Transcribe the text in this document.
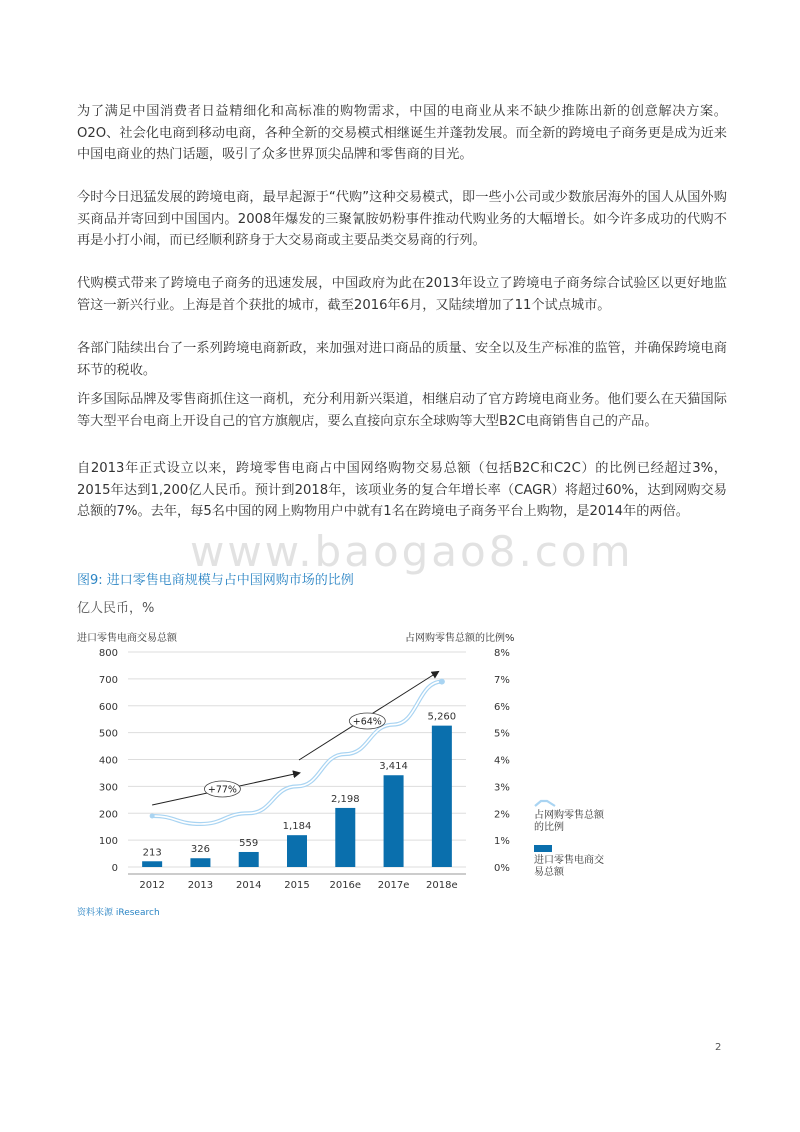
为了满足中国消费者日益精细化和高标准的购物需求，中国的电商业从来不缺少推陈出新的创意解决方案。O2O、社会化电商到移动电商，各种全新的交易模式相继诞生并蓬勃发展。而全新的跨境电子商务更是成为近来中国电商业的热门话题，吸引了众多世界顶尖品牌和零售商的目光。

今时今日迅猛发展的跨境电商，最早起源于“代购”这种交易模式，即一些小公司或少数旅居海外的国人从国外购买商品并寄回到中国国内。2008年爆发的三聚氰胺奶粉事件推动代购业务的大幅增长。如今许多成功的代购不再是小打小闹，而已经顺利跻身于大交易商或主要品类交易商的行列。

代购模式带来了跨境电子商务的迅速发展，中国政府为此在2013年设立了跨境电子商务综合试验区以更好地监管这一新兴行业。上海是首个获批的城市，截至2016年6月，又陆续增加了11个试点城市。

各部门陆续出台了一系列跨境电商新政，来加强对进口商品的质量、安全以及生产标准的监管，并确保跨境电商环节的税收。

许多国际品牌及零售商抓住这一商机，充分利用新兴渠道，相继启动了官方跨境电商业务。他们要么在天猫国际等大型平台电商上开设自己的官方旗舰店，要么直接向京东全球购等大型B2C电商销售自己的产品。

自2013年正式设立以来，跨境零售电商占中国网络购物交易总额（包括B2C和C2C）的比例已经超过3%，2015年达到1,200亿人民币。预计到2018年，该项业务的复合年增长率（CAGR）将超过60%，达到网购交易总额的7%。去年，每5名中国的网上购物用户中就有1名在跨境电子商务平台上购物，是2014年的两倍。

www.baogao8.com
图9: 进口零售电商规模与占中国网购市场的比例
亿人民币，%
进口零售电商交易总额	占网购零售总额的比例%
0
100
200
300
400
500
600
700
800
0%
1%
2%
3%
4%
5%
6%
7%
8%
213	326
559
1,184
2,198
3,414
5,260
2012 2013 2014 2015 2016e 2017e 2018e
+77%
+64%
占网购零售总额的比例
进口零售电商交易总额
资料来源 iResearch
2
